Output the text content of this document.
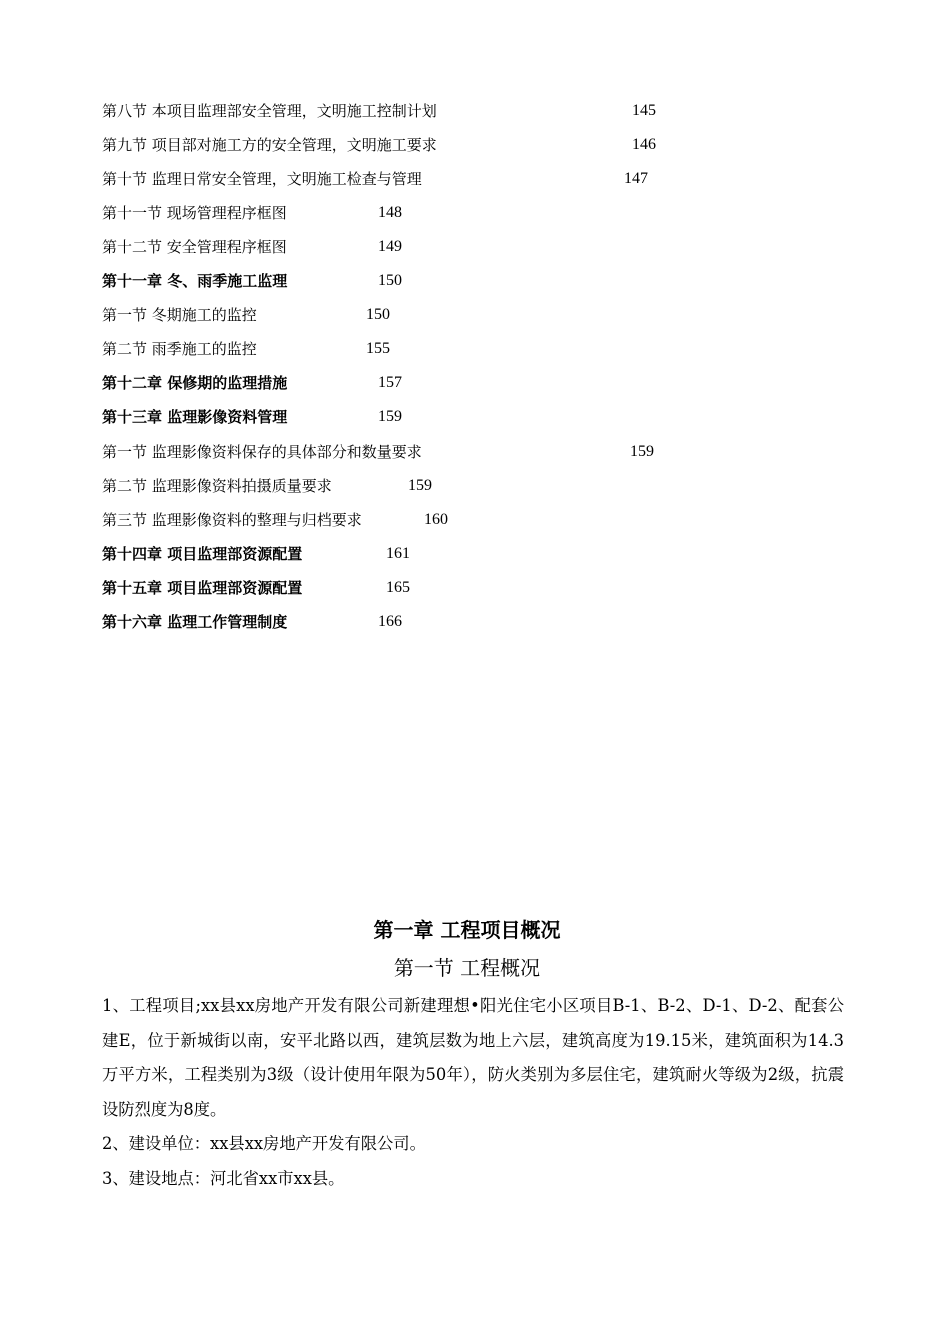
第八节 本项目监理部安全管理，文明施工控制计划	145
第九节 项目部对施工方的安全管理，文明施工要求	146
第十节 监理日常安全管理，文明施工检查与管理	147
第十一节 现场管理程序框图	148
第十二节 安全管理程序框图	149
第十一章 冬、雨季施工监理	150
第一节 冬期施工的监控	150
第二节 雨季施工的监控	155
第十二章 保修期的监理措施	157
第十三章 监理影像资料管理	159
第一节 监理影像资料保存的具体部分和数量要求	159
第二节 监理影像资料拍摄质量要求	159
第三节 监理影像资料的整理与归档要求	160
第十四章 项目监理部资源配置	161
第十五章 项目监理部资源配置	165
第十六章 监理工作管理制度	166
第一章 工程项目概况
第一节 工程概况

1、工程项目;xx县xx房地产开发有限公司新建理想•阳光住宅小区项目B-1、B-2、D-1、D-2、配套公建E，位于新城街以南，安平北路以西，建筑层数为地上六层，建筑高度为19.15米，建筑面积为14.3万平方米，工程类别为3级（设计使用年限为50年），防火类别为多层住宅，建筑耐火等级为2级，抗震设防烈度为8度。

2、建设单位：xx县xx房地产开发有限公司。

3、建设地点：河北省xx市xx县。
